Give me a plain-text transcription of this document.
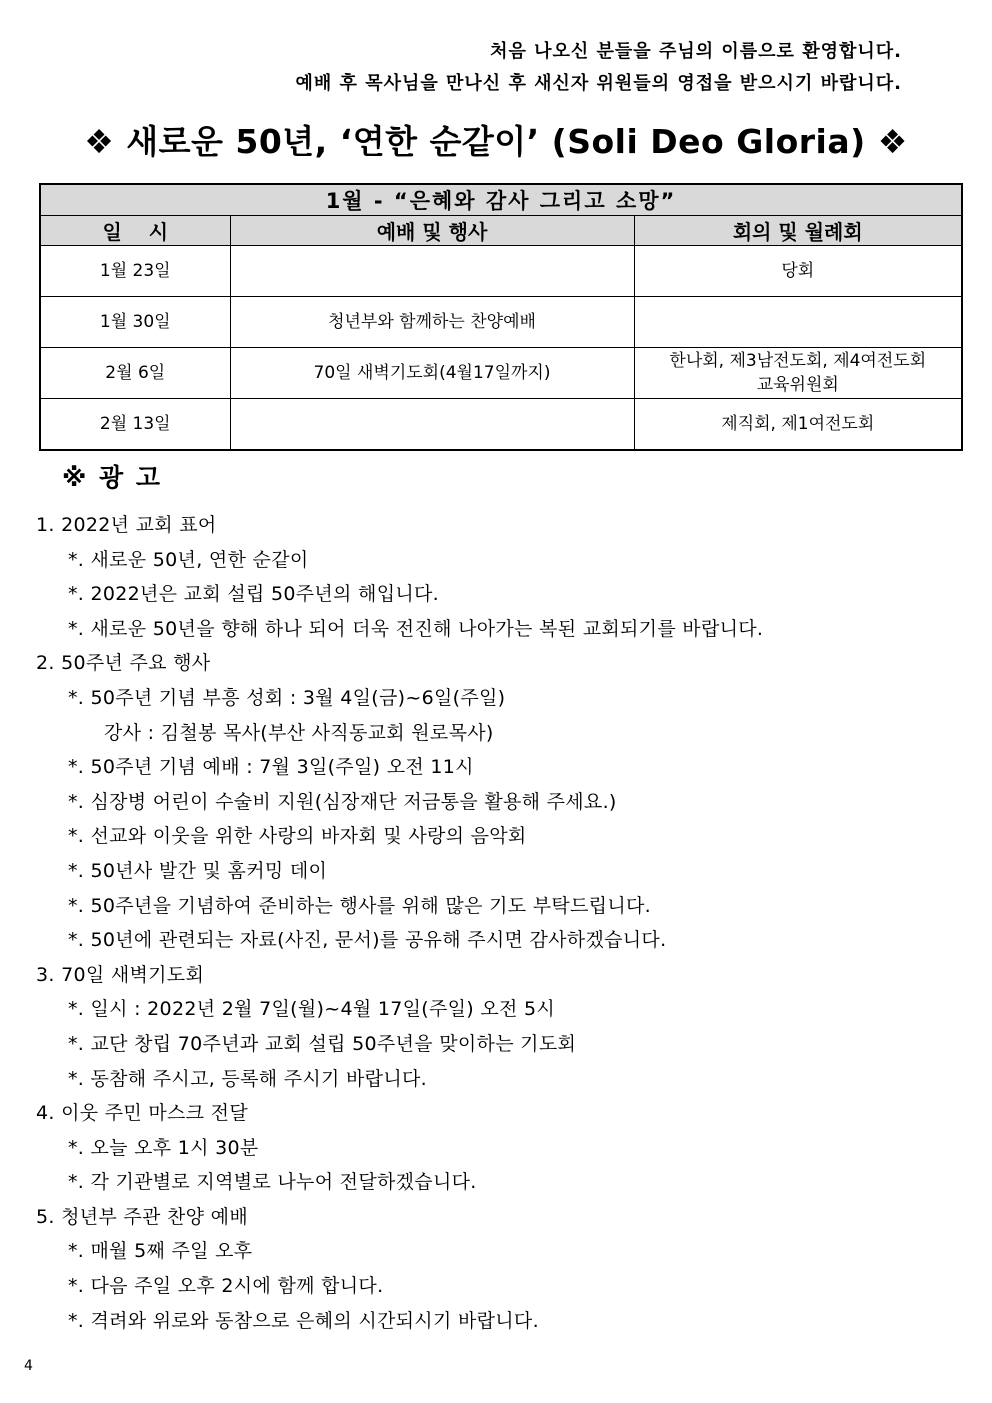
처음 나오신 분들을 주님의 이름으로 환영합니다.
예배 후 목사님을 만나신 후 새신자 위원들의 영접을 받으시기 바랍니다.
❖ 새로운 50년, ‘연한 순같이’ (Soli Deo Gloria) ❖
1월 - “은혜와 감사 그리고 소망”		
일　 시	예배 및 행사	회의 및 월례회
1월 23일		당회
1월 30일	청년부와 함께하는 찬양예배	
2월 6일	70일 새벽기도회(4월17일까지)	한나회, 제3남전도회, 제4여전도회
교육위원회

2월 13일		제직회, 제1여전도회
※ 광 고
1. 2022년 교회 표어
*. 새로운 50년, 연한 순같이
*. 2022년은 교회 설립 50주년의 해입니다.
*. 새로운 50년을 향해 하나 되어 더욱 전진해 나아가는 복된 교회되기를 바랍니다.
2. 50주년 주요 행사
*. 50주년 기념 부흥 성회 : 3월 4일(금)~6일(주일)
강사 : 김철봉 목사(부산 사직동교회 원로목사)
*. 50주년 기념 예배 : 7월 3일(주일) 오전 11시
*. 심장병 어린이 수술비 지원(심장재단 저금통을 활용해 주세요.)
*. 선교와 이웃을 위한 사랑의 바자회 및 사랑의 음악회
*. 50년사 발간 및 홈커밍 데이
*. 50주년을 기념하여 준비하는 행사를 위해 많은 기도 부탁드립니다.
*. 50년에 관련되는 자료(사진, 문서)를 공유해 주시면 감사하겠습니다.
3. 70일 새벽기도회
*. 일시 : 2022년 2월 7일(월)~4월 17일(주일) 오전 5시
*. 교단 창립 70주년과 교회 설립 50주년을 맞이하는 기도회
*. 동참해 주시고, 등록해 주시기 바랍니다.
4. 이웃 주민 마스크 전달
*. 오늘 오후 1시 30분
*. 각 기관별로 지역별로 나누어 전달하겠습니다.
5. 청년부 주관 찬양 예배
*. 매월 5째 주일 오후
*. 다음 주일 오후 2시에 함께 합니다.
*. 격려와 위로와 동참으로 은혜의 시간되시기 바랍니다.
4
